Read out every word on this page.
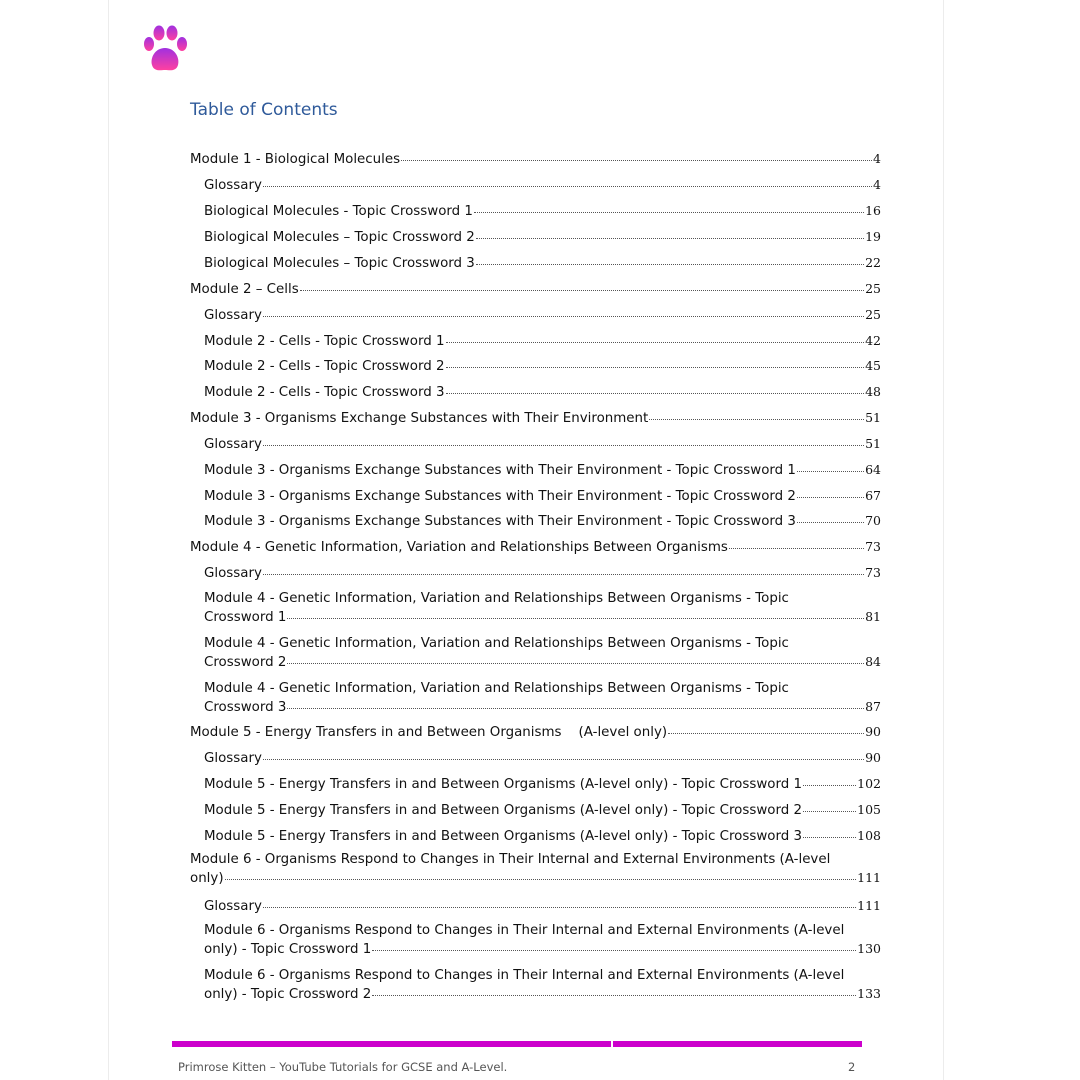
Table of Contents
Module 1 - Biological Molecules	4
Glossary	4
Biological Molecules - Topic Crossword 1	16
Biological Molecules – Topic Crossword 2	19
Biological Molecules – Topic Crossword 3	22
Module 2 – Cells	25
Glossary	25
Module 2 - Cells - Topic Crossword 1	42
Module 2 - Cells - Topic Crossword 2	45
Module 2 - Cells - Topic Crossword 3	48
Module 3 - Organisms Exchange Substances with Their Environment	51
Glossary	51
Module 3 - Organisms Exchange Substances with Their Environment - Topic Crossword 1	64
Module 3 - Organisms Exchange Substances with Their Environment - Topic Crossword 2	67
Module 3 - Organisms Exchange Substances with Their Environment - Topic Crossword 3	70
Module 4 - Genetic Information, Variation and Relationships Between Organisms	73
Glossary	73
Module 4 - Genetic Information, Variation and Relationships Between Organisms - Topic
Crossword 1	81
Module 4 - Genetic Information, Variation and Relationships Between Organisms - Topic
Crossword 2	84
Module 4 - Genetic Information, Variation and Relationships Between Organisms - Topic
Crossword 3	87
Module 5 - Energy Transfers in and Between Organisms    (A-level only)	90
Glossary	90
Module 5 - Energy Transfers in and Between Organisms (A-level only) - Topic Crossword 1	102
Module 5 - Energy Transfers in and Between Organisms (A-level only) - Topic Crossword 2	105
Module 5 - Energy Transfers in and Between Organisms (A-level only) - Topic Crossword 3	108
Module 6 - Organisms Respond to Changes in Their Internal and External Environments (A-level
only)	111
Glossary	111
Module 6 - Organisms Respond to Changes in Their Internal and External Environments (A-level
only) - Topic Crossword 1	130
Module 6 - Organisms Respond to Changes in Their Internal and External Environments (A-level
only) - Topic Crossword 2	133
Primrose Kitten – YouTube Tutorials for GCSE and A-Level.	2
